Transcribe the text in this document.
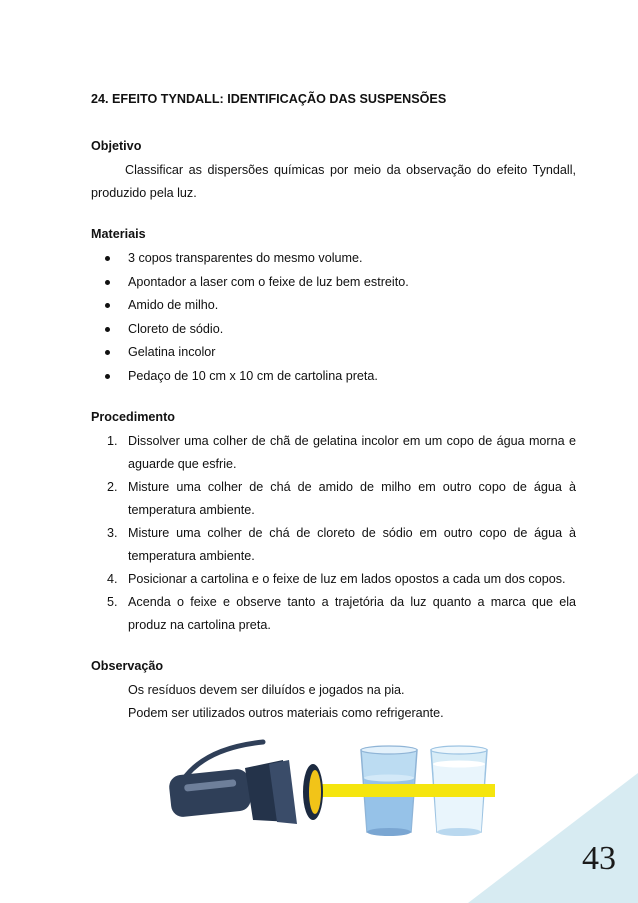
24. EFEITO TYNDALL: IDENTIFICAÇÃO DAS SUSPENSÕES
Objetivo

Classificar as dispersões químicas por meio da observação do efeito Tyndall, produzido pela luz.

Materiais
3 copos transparentes do mesmo volume.
Apontador a laser com o feixe de luz bem estreito.
Amido de milho.
Cloreto de sódio.
Gelatina incolor
Pedaço de 10 cm x 10 cm de cartolina preta.
Procedimento
1. Dissolver uma colher de chã de gelatina incolor em um copo de água morna e aguarde que esfrie.
2. Misture uma colher de chá de amido de milho em outro copo de água à temperatura ambiente.
3. Misture uma colher de chá de cloreto de sódio em outro copo de água à temperatura ambiente.
4. Posicionar a cartolina e o feixe de luz em lados opostos a cada um dos copos.
5. Acenda o feixe e observe tanto a trajetória da luz quanto a marca que ela produz na cartolina preta.
Observação

Os resíduos devem ser diluídos e jogados na pia.

Podem ser utilizados outros materiais como refrigerante.

43
